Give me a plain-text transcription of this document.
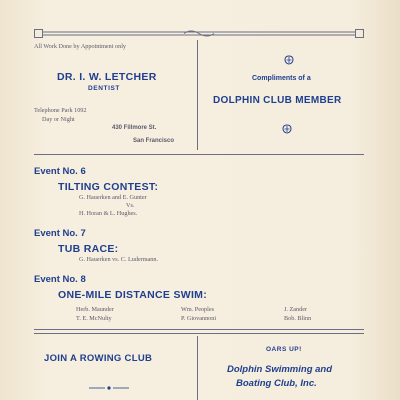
All Work Done by Appointment only
DR. I. W. LETCHER
DENTIST
Telephone Park 1092
Day or Night
430 Fillmore St.
San Francisco
Compliments of a
DOLPHIN CLUB MEMBER
Event No. 6
TILTING CONTEST:
G. Hauerken and E. Gunter
Vs.
H. Horan & L. Hughes.
Event No. 7
TUB RACE:
G. Hauerken vs. C. Ludermann.
Event No. 8
ONE-MILE DISTANCE SWIM:
Herb. Maunder	Wm. Peoples	J. Zander
T. E. McNulty	P. Giovannoni	Bob. Blinn
JOIN A ROWING CLUB
OARS UP!
Dolphin Swimming and
Boating Club, Inc.
